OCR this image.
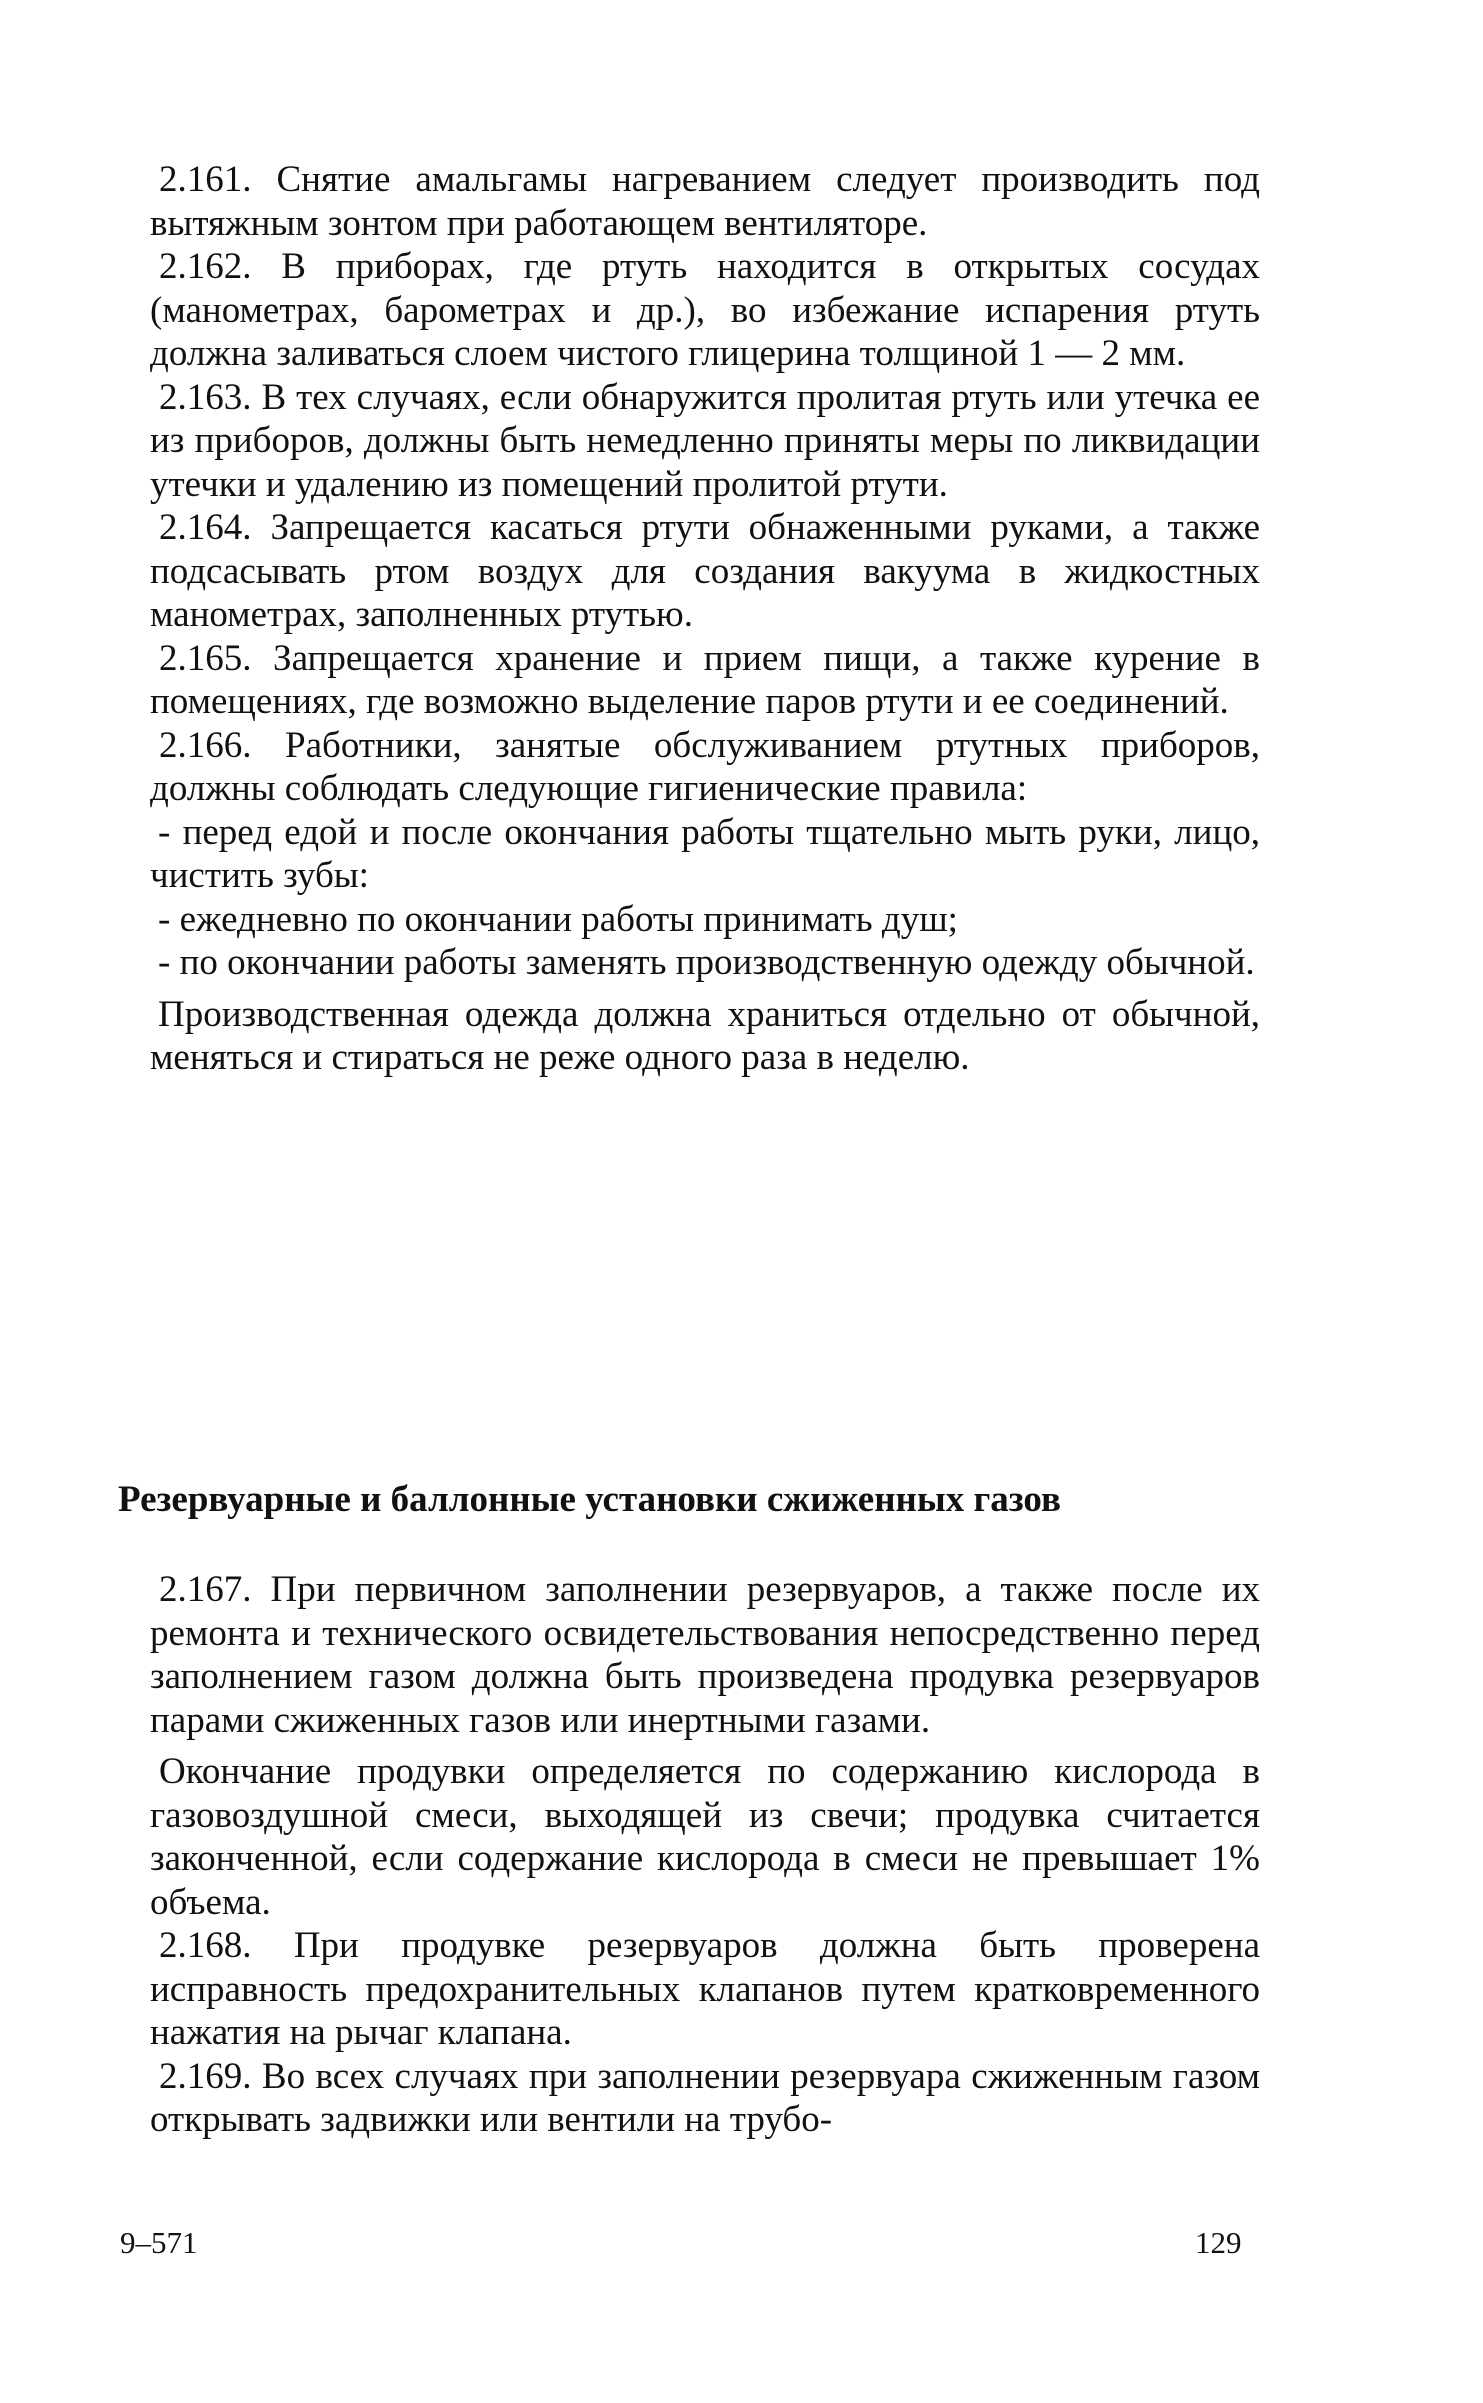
2.161. Снятие амальгамы нагреванием следует производить под вытяжным зонтом при работающем вентиляторе.

2.162. В приборах, где ртуть находится в открытых сосудах (манометрах, барометрах и др.), во избежание испарения ртуть должна заливаться слоем чистого глицерина толщиной 1 — 2 мм.

2.163. В тех случаях, если обнаружится пролитая ртуть или утечка ее из приборов, должны быть немедленно приняты меры по ликвидации утечки и удалению из помещений пролитой ртути.

2.164. Запрещается касаться ртути обнаженными руками, а также подсасывать ртом воздух для создания вакуума в жидкостных манометрах, заполненных ртутью.

2.165. Запрещается хранение и прием пищи, а также курение в помещениях, где возможно выделение паров ртути и ее соединений.

2.166. Работники, занятые обслуживанием ртутных приборов, должны соблюдать следующие гигиенические правила:

- перед едой и после окончания работы тщательно мыть руки, лицо, чистить зубы:

- ежедневно по окончании работы принимать душ;

- по окончании работы заменять производственную одежду обычной.

Производственная одежда должна храниться отдельно от обычной, меняться и стираться не реже одного раза в неделю.

Резервуарные и баллонные установки сжиженных газов

2.167. При первичном заполнении резервуаров, а также после их ремонта и технического освидетельствования непосредственно перед заполнением газом должна быть произведена продувка резервуаров парами сжиженных газов или инертными газами.

Окончание продувки определяется по содержанию кислорода в газовоздушной смеси, выходящей из свечи; продувка считается законченной, если содержание кислорода в смеси не превышает 1% объема.

2.168. При продувке резервуаров должна быть проверена исправность предохранительных клапанов путем кратковременного нажатия на рычаг клапана.

2.169. Во всех случаях при заполнении резервуара сжиженным газом открывать задвижки или вентили на трубо-

9–571	129
